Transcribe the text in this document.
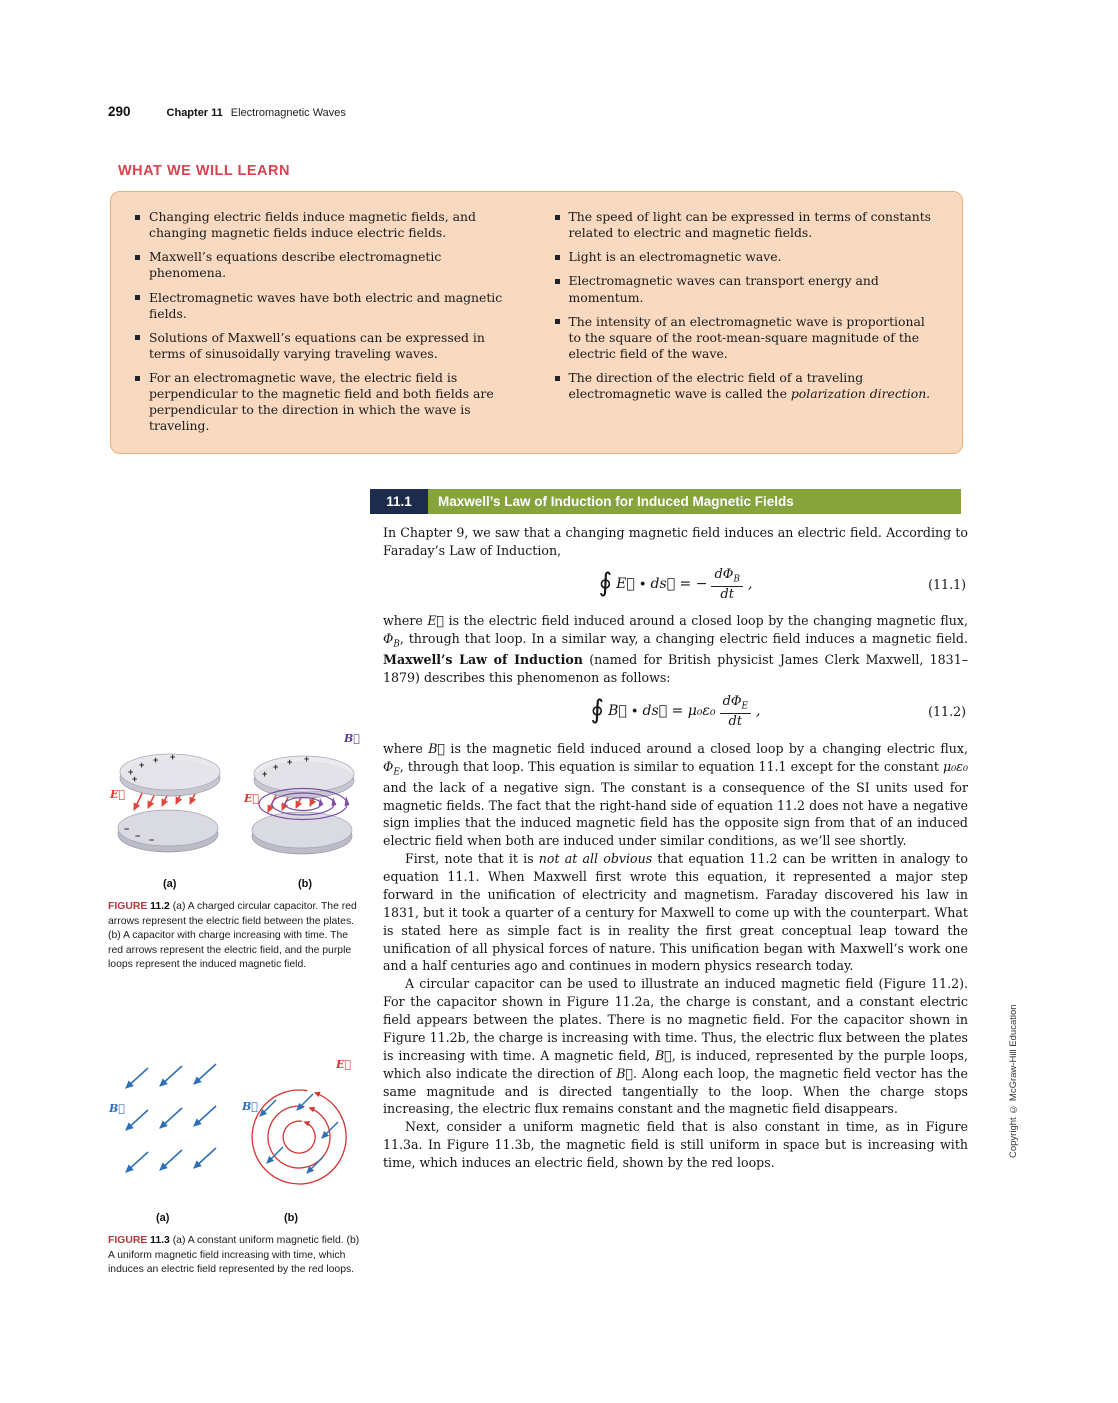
290	Chapter 11 Electromagnetic Waves
WHAT WE WILL LEARN
Changing electric fields induce magnetic fields, and changing magnetic fields induce electric fields.
Maxwell’s equations describe electromagnetic phenomena.
Electromagnetic waves have both electric and magnetic fields.
Solutions of Maxwell’s equations can be expressed in terms of sinusoidally varying traveling waves.
For an electromagnetic wave, the electric field is perpendicular to the magnetic field and both fields are perpendicular to the direction in which the wave is traveling.
The speed of light can be expressed in terms of constants related to electric and magnetic fields.
Light is an electromagnetic wave.
Electromagnetic waves can transport energy and momentum.
The intensity of an electromagnetic wave is proportional to the square of the root-mean-square magnitude of the electric field of the wave.
The direction of the electric field of a traveling electromagnetic wave is called the polarization direction.
11.1	Maxwell’s Law of Induction for Induced Magnetic Fields

In Chapter 9, we saw that a changing magnetic field induces an electric field. According to Faraday’s Law of Induction,

∮ E⃗ ∙ ds⃗ = − $\frac{d\Phi_B}{dt}$ ,	(11.1)

where E⃗ is the electric field induced around a closed loop by the changing magnetic flux, $\Phi_B$, through that loop. In a similar way, a changing electric field induces a magnetic field. Maxwell’s Law of Induction (named for British physicist James Clerk Maxwell, 1831–1879) describes this phenomenon as follows:

∮ B⃗ ∙ ds⃗ = $\mu_0\varepsilon_0 \frac{d\Phi_E}{dt}$ ,	(11.2)

where B⃗ is the magnetic field induced around a closed loop by a changing electric flux, $\Phi_E$, through that loop. This equation is similar to equation 11.1 except for the constant μ₀ε₀ and the lack of a negative sign. The constant is a consequence of the SI units used for magnetic fields. The fact that the right-hand side of equation 11.2 does not have a negative sign implies that the induced magnetic field has the opposite sign from that of an induced electric field when both are induced under similar conditions, as we’ll see shortly.

First, note that it is not at all obvious that equation 11.2 can be written in analogy to equation 11.1. When Maxwell first wrote this equation, it represented a major step forward in the unification of electricity and magnetism. Faraday discovered his law in 1831, but it took a quarter of a century for Maxwell to come up with the counterpart. What is stated here as simple fact is in reality the first great conceptual leap toward the unification of all physical forces of nature. This unification began with Maxwell’s work one and a half centuries ago and continues in modern physics research today.

A circular capacitor can be used to illustrate an induced magnetic field (Figure 11.2). For the capacitor shown in Figure 11.2a, the charge is constant, and a constant electric field appears between the plates. There is no magnetic field. For the capacitor shown in Figure 11.2b, the charge is increasing with time. Thus, the electric flux between the plates is increasing with time. A magnetic field, B⃗, is induced, represented by the purple loops, which also indicate the direction of B⃗. Along each loop, the magnetic field vector has the same magnitude and is directed tangentially to the loop. When the charge stops increasing, the electric flux remains constant and the magnetic field disappears.

Next, consider a uniform magnetic field that is also constant in time, as in Figure 11.3a. In Figure 11.3b, the magnetic field is still uniform in space but is increasing with time, which induces an electric field, shown by the red loops.

−
− −
+
+ + +
+
E⃗
+
+ + +
B⃗
E⃗
(a)	(b)
FIGURE 11.2 (a) A charged circular capacitor. The red arrows represent the electric field between the plates. (b) A capacitor with charge increasing with time. The red arrows represent the electric field, and the purple loops represent the induced magnetic field.
B⃗
E⃗
B⃗
(a)	(b)
FIGURE 11.3 (a) A constant uniform magnetic field. (b) A uniform magnetic field increasing with time, which induces an electric field represented by the red loops.
Copyright © McGraw-Hill Education
